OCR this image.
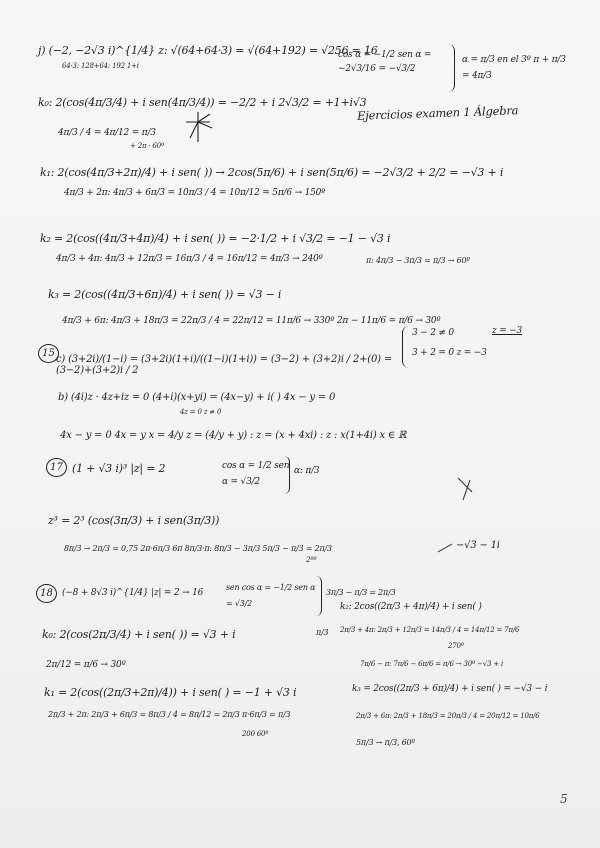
Ejercicios examen 1 Álgebra
j) (−2, −2√3 i)^{1/4} z: √(64+64·3) = √(64+192) = √256 = 16
64·3: 128+64: 192 1+i
cos α = −1/2 sen α = −2√3/16 = −√3/2
α = π/3 en el 3º π + π/3 = 4π/3
k₀: 2(cos(4π/3/4) + i sen(4π/3/4)) = −2/2 + i 2√3/2 = +1+i√3
4π/3 / 4 = 4π/12 = π/3
+ 2π · 60º
k₁: 2(cos(4π/3+2π)/4) + i sen( )) → 2cos(5π/6) + i sen(5π/6) = −2√3/2 + 2/2 = −√3 + i
4π/3 + 2π: 4π/3 + 6π/3 = 10π/3 / 4 = 10π/12 = 5π/6 → 150º
k₂ = 2(cos((4π/3+4π)/4) + i sen( )) = −2·1/2 + i √3/2 = −1 − √3 i
4π/3 + 4π: 4π/3 + 12π/3 = 16π/3 / 4 = 16π/12 = 4π/3 → 240º	π: 4π/3 − 3π/3 = π/3 → 60º
k₃ = 2(cos((4π/3+6π)/4) + i sen( )) = √3 − i
4π/3 + 6π: 4π/3 + 18π/3 = 22π/3 / 4 = 22π/12 = 11π/6 → 330º 2π − 11π/6 = π/6 → 30º
15
c) (3+2i)/(1−i) = (3+2i)(1+i)/((1−i)(1+i)) = (3−2) + (3+2)i / 2+(0) = (3−2)+(3+2)i / 2
3 − 2 ≠ 0
3 + 2 = 0 z = −3
z = −3
b) (4i)z · 4z+iz = 0 (4+i)(x+yi) = (4x−y) + i( ) 4x − y = 0
4z = 0 z ≠ 0
4x − y = 0 4x = y x = 4/y z = (4/y + y) : z = (x + 4xi) : z : x(1+4i) x ∈ ℝ
17 (1 + √3 i)³ |z| = 2	cos α = 1/2 sen α = √3/2
α: π/3
z³ = 2³ (cos(3π/3) + i sen(3π/3))
8π/3 → 2π/3 = 0,75 2π·6π/3 6π 8π/3·π: 8π/3 − 3π/3 5π/3 − π/3 = 2π/3
2ºº
−√3 − 1i
18	(−8 + 8√3 i)^{1/4} |z| = 2 → 16
sen cos α = −1/2 sen α = √3/2
3π/3 − π/3 = 2π/3
π/3
k₀: 2(cos(2π/3/4) + i sen( )) = √3 + i
2π/12 = π/6 → 30º
k₁ = 2(cos((2π/3+2π)/4)) + i sen( ) = −1 + √3 i
2π/3 + 2π: 2π/3 + 6π/3 = 8π/3 / 4 = 8π/12 = 2π/3 π·6π/3 = π/3
200 60º
k₂: 2cos((2π/3 + 4π)/4) + i sen( )
2π/3 + 4π: 2π/3 + 12π/3 = 14π/3 / 4 = 14π/12 = 7π/6
270º
7π/6 − π: 7π/6 − 6π/6 = π/6 → 30º −√3 + i
k₃ = 2cos((2π/3 + 6π)/4) + i sen( ) = −√3 − i
2π/3 + 6π: 2π/3 + 18π/3 = 20π/3 / 4 = 20π/12 = 10π/6
5π/3 → π/3, 60º
5
